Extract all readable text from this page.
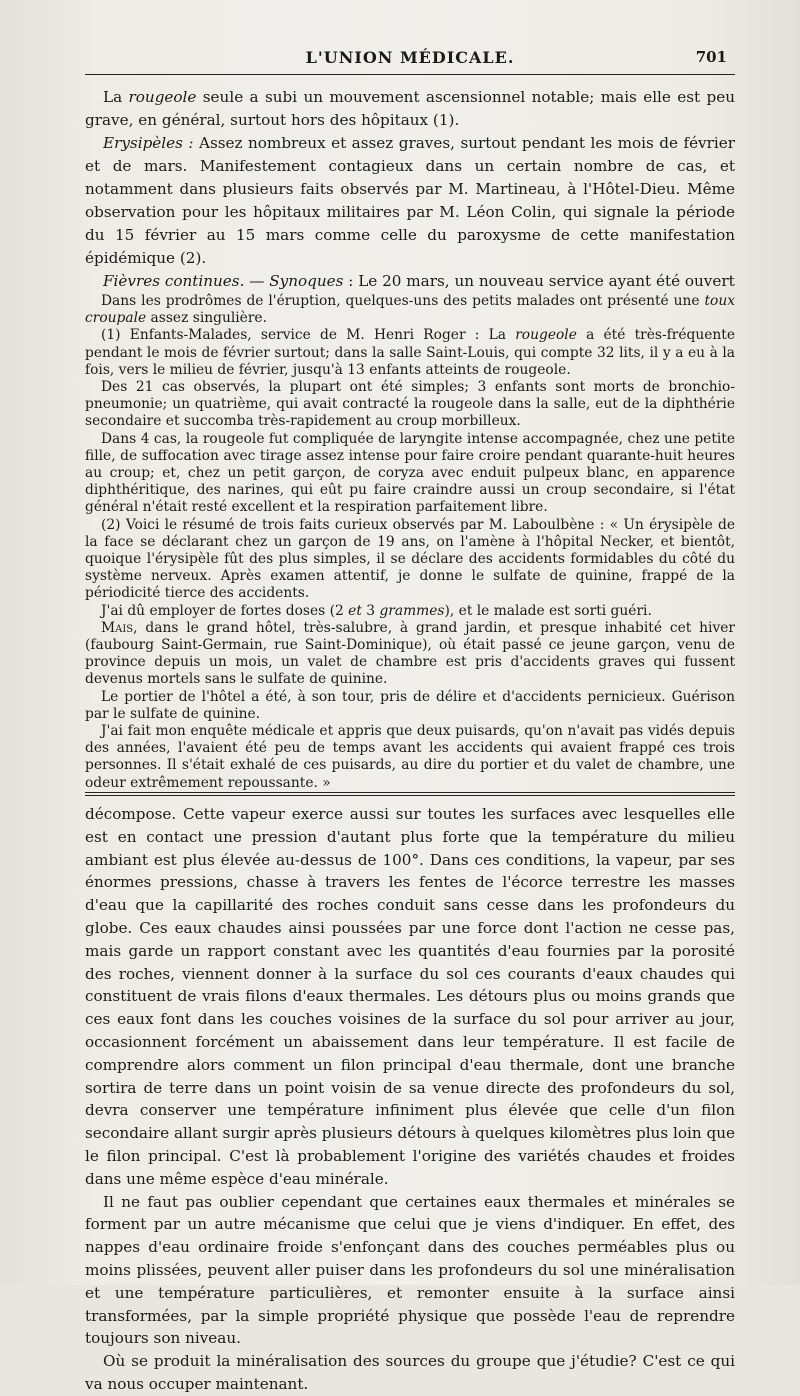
L'UNION MÉDICALE.	701

La rougeole seule a subi un mouvement ascensionnel notable; mais elle est peu grave, en général, surtout hors des hôpitaux (1).

Erysipèles : Assez nombreux et assez graves, surtout pendant les mois de février et de mars. Manifestement contagieux dans un certain nombre de cas, et notamment dans plusieurs faits observés par M. Martineau, à l'Hôtel-Dieu. Même observation pour les hôpitaux militaires par M. Léon Colin, qui signale la période du 15 février au 15 mars comme celle du paroxysme de cette manifestation épidémique (2).

Fièvres continues. — Synoques : Le 20 mars, un nouveau service ayant été ouvert

Dans les prodrômes de l'éruption, quelques-uns des petits malades ont présenté une toux croupale assez singulière.

(1) Enfants-Malades, service de M. Henri Roger : La rougeole a été très-fréquente pendant le mois de février surtout; dans la salle Saint-Louis, qui compte 32 lits, il y a eu à la fois, vers le milieu de février, jusqu'à 13 enfants atteints de rougeole.

Des 21 cas observés, la plupart ont été simples; 3 enfants sont morts de bronchio-pneumonie; un quatrième, qui avait contracté la rougeole dans la salle, eut de la diphthérie secondaire et succomba très-rapidement au croup morbilleux.

Dans 4 cas, la rougeole fut compliquée de laryngite intense accompagnée, chez une petite fille, de suffocation avec tirage assez intense pour faire croire pendant quarante-huit heures au croup; et, chez un petit garçon, de coryza avec enduit pulpeux blanc, en apparence diphthéritique, des narines, qui eût pu faire craindre aussi un croup secondaire, si l'état général n'était resté excellent et la respiration parfaitement libre.

(2) Voici le résumé de trois faits curieux observés par M. Laboulbène : « Un érysipèle de la face se déclarant chez un garçon de 19 ans, on l'amène à l'hôpital Necker, et bientôt, quoique l'érysipèle fût des plus simples, il se déclare des accidents formidables du côté du système nerveux. Après examen attentif, je donne le sulfate de quinine, frappé de la périodicité tierce des accidents.

J'ai dû employer de fortes doses (2 et 3 grammes), et le malade est sorti guéri.

Mais, dans le grand hôtel, très-salubre, à grand jardin, et presque inhabité cet hiver (faubourg Saint-Germain, rue Saint-Dominique), où était passé ce jeune garçon, venu de province depuis un mois, un valet de chambre est pris d'accidents graves qui fussent devenus mortels sans le sulfate de quinine.

Le portier de l'hôtel a été, à son tour, pris de délire et d'accidents pernicieux. Guérison par le sulfate de quinine.

J'ai fait mon enquête médicale et appris que deux puisards, qu'on n'avait pas vidés depuis des années, l'avaient été peu de temps avant les accidents qui avaient frappé ces trois personnes. Il s'était exhalé de ces puisards, au dire du portier et du valet de chambre, une odeur extrêmement repoussante. »

décompose. Cette vapeur exerce aussi sur toutes les surfaces avec lesquelles elle est en contact une pression d'autant plus forte que la température du milieu ambiant est plus élevée au-dessus de 100°. Dans ces conditions, la vapeur, par ses énormes pressions, chasse à travers les fentes de l'écorce terrestre les masses d'eau que la capillarité des roches conduit sans cesse dans les profondeurs du globe. Ces eaux chaudes ainsi poussées par une force dont l'action ne cesse pas, mais garde un rapport constant avec les quantités d'eau fournies par la porosité des roches, viennent donner à la surface du sol ces courants d'eaux chaudes qui constituent de vrais filons d'eaux thermales. Les détours plus ou moins grands que ces eaux font dans les couches voisines de la surface du sol pour arriver au jour, occasionnent forcément un abaissement dans leur température. Il est facile de comprendre alors comment un filon principal d'eau thermale, dont une branche sortira de terre dans un point voisin de sa venue directe des profondeurs du sol, devra conserver une température infiniment plus élevée que celle d'un filon secondaire allant surgir après plusieurs détours à quelques kilomètres plus loin que le filon principal. C'est là probablement l'origine des variétés chaudes et froides dans une même espèce d'eau minérale.

Il ne faut pas oublier cependant que certaines eaux thermales et minérales se forment par un autre mécanisme que celui que je viens d'indiquer. En effet, des nappes d'eau ordinaire froide s'enfonçant dans des couches perméables plus ou moins plissées, peuvent aller puiser dans les profondeurs du sol une minéralisation et une température particulières, et remonter ensuite à la surface ainsi transformées, par la simple propriété physique que possède l'eau de reprendre toujours son niveau.

Où se produit la minéralisation des sources du groupe que j'étudie? C'est ce qui va nous occuper maintenant.
